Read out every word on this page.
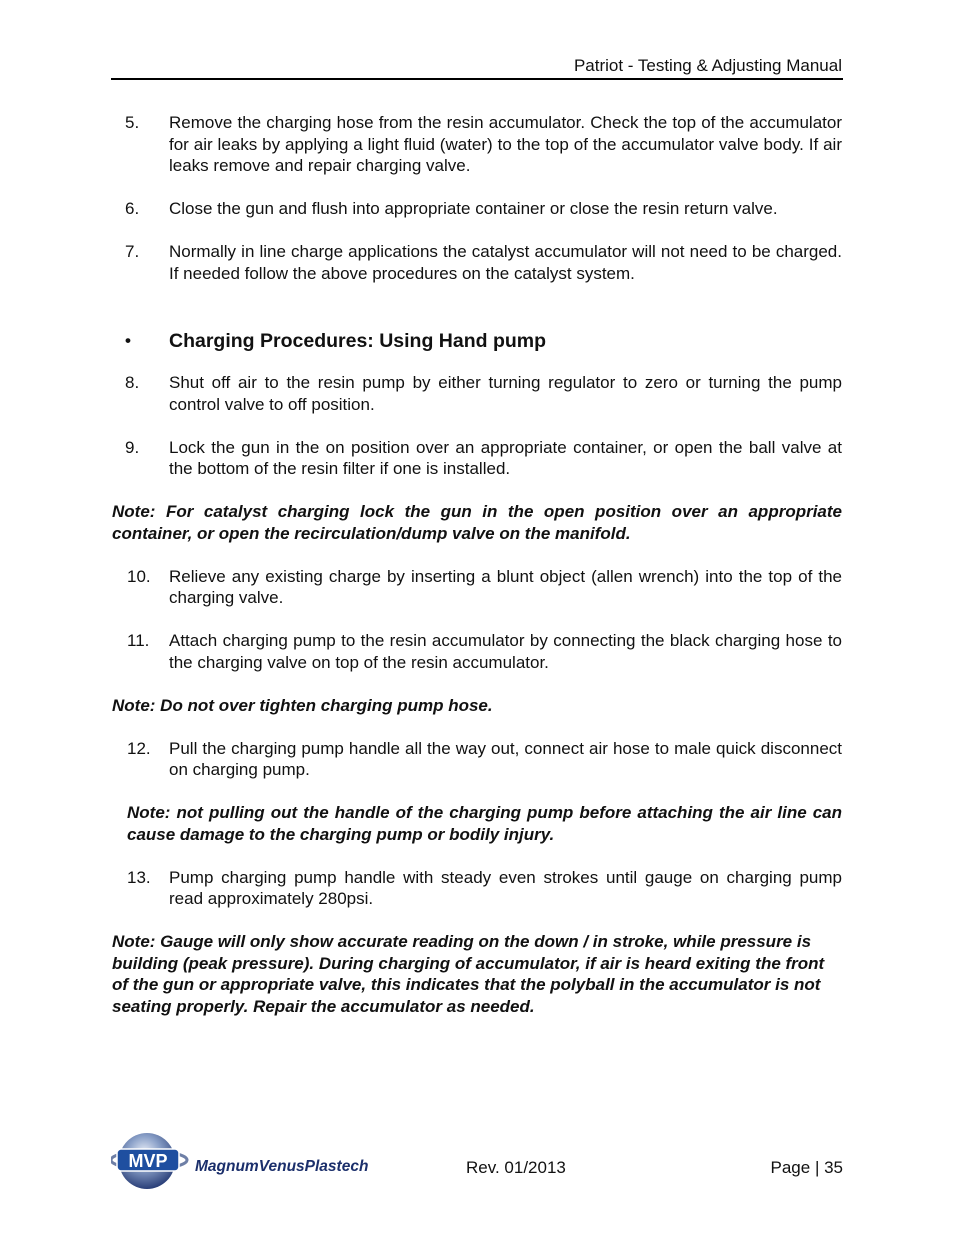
Patriot - Testing & Adjusting Manual
5. Remove the charging hose from the resin accumulator. Check the top of the accumulator for air leaks by applying a light fluid (water) to the top of the accumulator valve body. If air leaks remove and repair charging valve.
6. Close the gun and flush into appropriate container or close the resin return valve.
7. Normally in line charge applications the catalyst accumulator will not need to be charged. If needed follow the above procedures on the catalyst system.
• Charging Procedures: Using Hand pump
8. Shut off air to the resin pump by either turning regulator to zero or turning the pump control valve to off position.
9. Lock the gun in the on position over an appropriate container, or open the ball valve at the bottom of the resin filter if one is installed.
Note: For catalyst charging lock the gun in the open position over an appropriate container, or open the recirculation/dump valve on the manifold.
10. Relieve any existing charge by inserting a blunt object (allen wrench) into the top of the charging valve.
11. Attach charging pump to the resin accumulator by connecting the black charging hose to the charging valve on top of the resin accumulator.
Note: Do not over tighten charging pump hose.
12. Pull the charging pump handle all the way out, connect air hose to male quick disconnect on charging pump.
Note: not pulling out the handle of the charging pump before attaching the air line can cause damage to the charging pump or bodily injury.
13. Pump charging pump handle with steady even strokes until gauge on charging pump read approximately 280psi.
Note: Gauge will only show accurate reading on the down / in stroke, while pressure is building (peak pressure). During charging of accumulator, if air is heard exiting the front of the gun or appropriate valve, this indicates that the polyball in the accumulator is not seating properly. Repair the accumulator as needed.
MVP MagnumVenusPlastech	Rev. 01/2013	Page | 35
